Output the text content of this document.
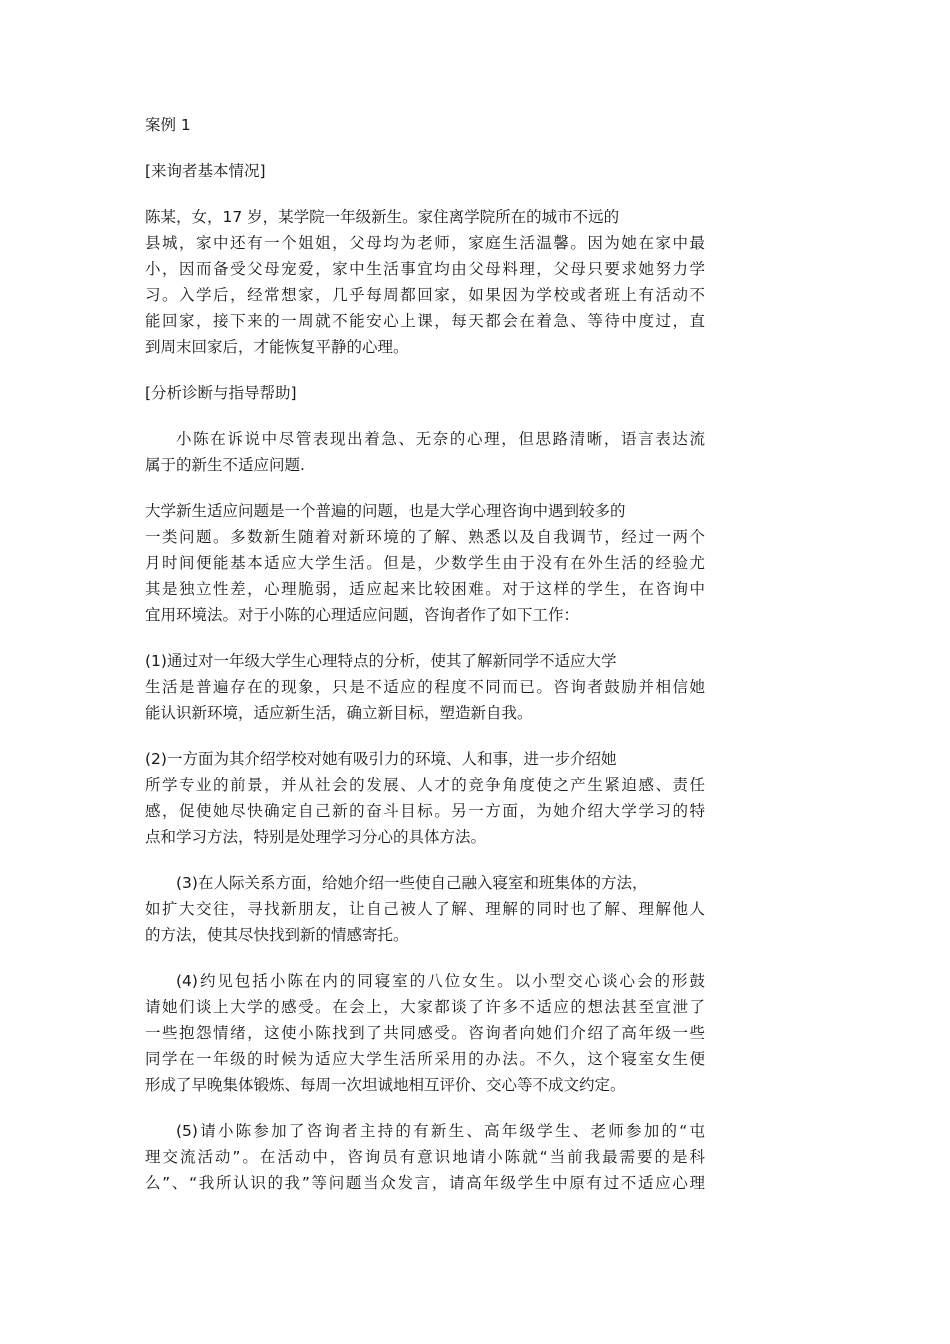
案例 1
[来询者基本情况]
陈某，女，17 岁，某学院一年级新生。家住离学院所在的城市不远的
县城，家中还有一个姐姐，父母均为老师，家庭生活温馨。因为她在家中最
小，因而备受父母宠爱，家中生活事宜均由父母料理，父母只要求她努力学
习。入学后，经常想家，几乎每周都回家，如果因为学校或者班上有活动不
能回家，接下来的一周就不能安心上课，每天都会在着急、等待中度过，直
到周末回家后，才能恢复平静的心理。
[分析诊断与指导帮助]
小陈在诉说中尽管表现出着急、无奈的心理，但思路清晰，语言表达流
属于的新生不适应问题.
大学新生适应问题是一个普遍的问题，也是大学心理咨询中遇到较多的
一类问题。多数新生随着对新环境的了解、熟悉以及自我调节，经过一两个
月时间便能基本适应大学生活。但是，少数学生由于没有在外生活的经验尤
其是独立性差，心理脆弱，适应起来比较困难。对于这样的学生，在咨询中
宜用环境法。对于小陈的心理适应问题，咨询者作了如下工作：
(1)通过对一年级大学生心理特点的分析，使其了解新同学不适应大学
生活是普遍存在的现象，只是不适应的程度不同而已。咨询者鼓励并相信她
能认识新环境，适应新生活，确立新目标，塑造新自我。
(2)一方面为其介绍学校对她有吸引力的环境、人和事，进一步介绍她
所学专业的前景，并从社会的发展、人才的竞争角度使之产生紧迫感、责任
感，促使她尽快确定自己新的奋斗目标。另一方面，为她介绍大学学习的特
点和学习方法，特别是处理学习分心的具体方法。
(3)在人际关系方面，给她介绍一些使自己融入寝室和班集体的方法，
如扩大交往，寻找新朋友，让自己被人了解、理解的同时也了解、理解他人
的方法，使其尽快找到新的情感寄托。
(4)约见包括小陈在内的同寝室的八位女生。以小型交心谈心会的形鼓
请她们谈上大学的感受。在会上，大家都谈了许多不适应的想法甚至宣泄了
一些抱怨情绪，这使小陈找到了共同感受。咨询者向她们介绍了高年级一些
同学在一年级的时候为适应大学生活所采用的办法。不久，这个寝室女生便
形成了早晚集体锻炼、每周一次坦诚地相互评价、交心等不成文约定。
(5)请小陈参加了咨询者主持的有新生、高年级学生、老师参加的“屯
理交流活动”。在活动中，咨询员有意识地请小陈就“当前我最需要的是科
么”、“我所认识的我”等问题当众发言，请高年级学生中原有过不适应心理
